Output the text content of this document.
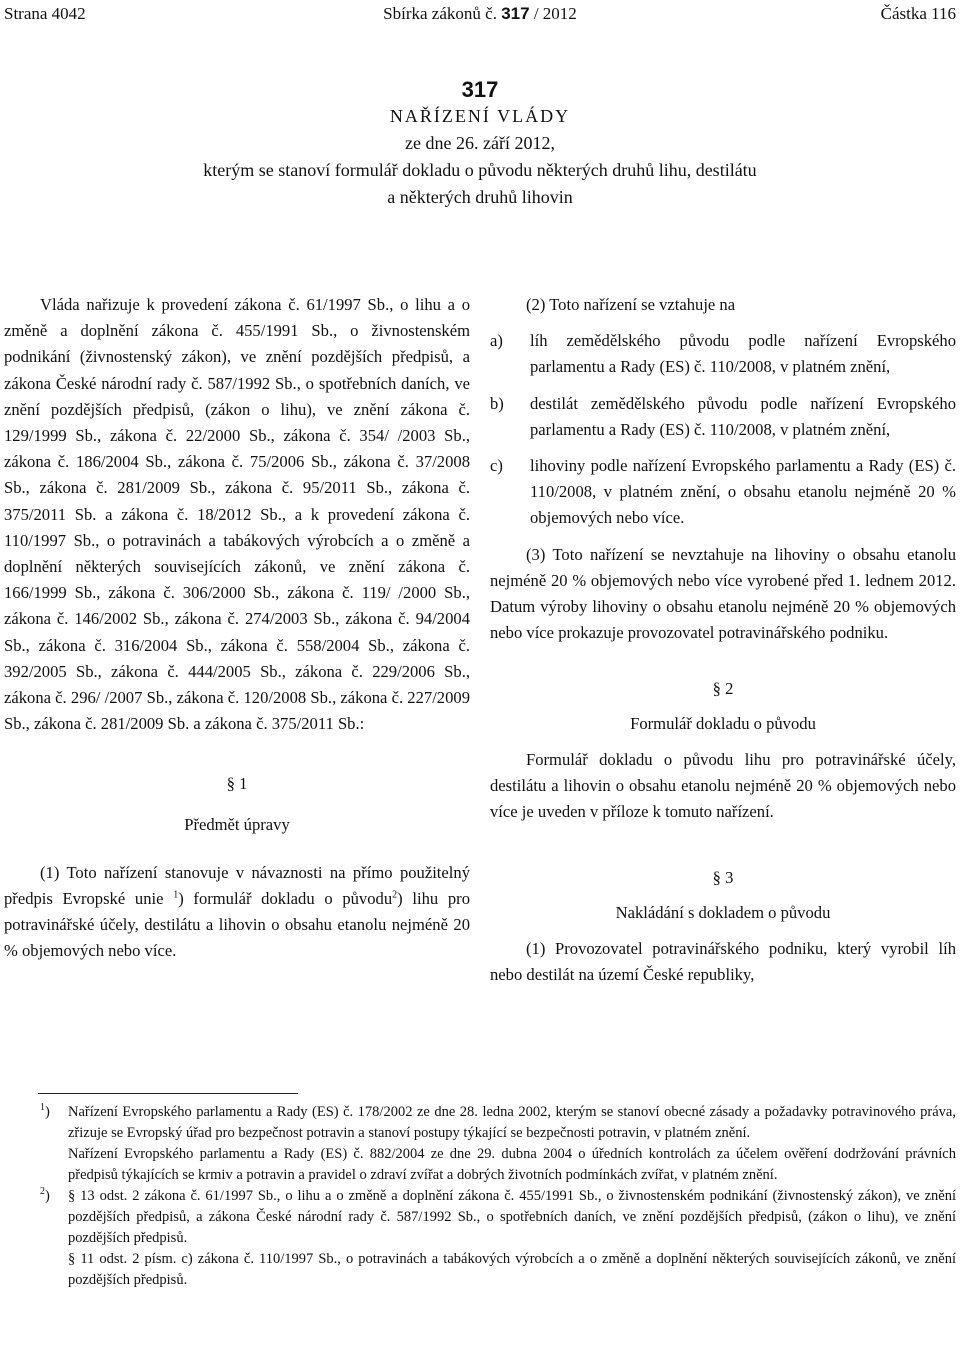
Strana 4042	Sbírka zákonů č. 317 / 2012	Částka 116
317
NAŘÍZENÍ VLÁDY
ze dne 26. září 2012,
kterým se stanoví formulář dokladu o původu některých druhů lihu, destilátu
a některých druhů lihovin

Vláda nařizuje k provedení zákona č. 61/1997 Sb., o lihu a o změně a doplnění zákona č. 455/1991 Sb., o živnostenském podnikání (živnostenský zákon), ve znění pozdějších předpisů, a zákona České národní rady č. 587/1992 Sb., o spotřebních daních, ve znění pozdějších předpisů, (zákon o lihu), ve znění zákona č. 129/1999 Sb., zákona č. 22/2000 Sb., zákona č. 354/ /2003 Sb., zákona č. 186/2004 Sb., zákona č. 75/2006 Sb., zákona č. 37/2008 Sb., zákona č. 281/2009 Sb., zákona č. 95/2011 Sb., zákona č. 375/2011 Sb. a zákona č. 18/2012 Sb., a k provedení zákona č. 110/1997 Sb., o potravinách a tabákových výrobcích a o změně a doplnění některých souvisejících zákonů, ve znění zákona č. 166/1999 Sb., zákona č. 306/2000 Sb., zákona č. 119/ /2000 Sb., zákona č. 146/2002 Sb., zákona č. 274/2003 Sb., zákona č. 94/2004 Sb., zákona č. 316/2004 Sb., zákona č. 558/2004 Sb., zákona č. 392/2005 Sb., zákona č. 444/2005 Sb., zákona č. 229/2006 Sb., zákona č. 296/ /2007 Sb., zákona č. 120/2008 Sb., zákona č. 227/2009 Sb., zákona č. 281/2009 Sb. a zákona č. 375/2011 Sb.:

§ 1
Předmět úpravy

(1) Toto nařízení stanovuje v návaznosti na přímo použitelný předpis Evropské unie $^1$) formulář dokladu o původu$^2$) lihu pro potravinářské účely, destilátu a lihovin o obsahu etanolu nejméně 20 % objemových nebo více.

(2) Toto nařízení se vztahuje na

a) líh zemědělského původu podle nařízení Evropského parlamentu a Rady (ES) č. 110/2008, v platném znění,
b) destilát zemědělského původu podle nařízení Evropského parlamentu a Rady (ES) č. 110/2008, v platném znění,
c) lihoviny podle nařízení Evropského parlamentu a Rady (ES) č. 110/2008, v platném znění, o obsahu etanolu nejméně 20 % objemových nebo více.

(3) Toto nařízení se nevztahuje na lihoviny o obsahu etanolu nejméně 20 % objemových nebo více vyrobené před 1. lednem 2012. Datum výroby lihoviny o obsahu etanolu nejméně 20 % objemových nebo více prokazuje provozovatel potravinářského podniku.

§ 2
Formulář dokladu o původu

Formulář dokladu o původu lihu pro potravinářské účely, destilátu a lihovin o obsahu etanolu nejméně 20 % objemových nebo více je uveden v příloze k tomuto nařízení.

§ 3
Nakládání s dokladem o původu

(1) Provozovatel potravinářského podniku, který vyrobil líh nebo destilát na území České republiky,

$^1$) Nařízení Evropského parlamentu a Rady (ES) č. 178/2002 ze dne 28. ledna 2002, kterým se stanoví obecné zásady a požadavky potravinového práva, zřizuje se Evropský úřad pro bezpečnost potravin a stanoví postupy týkající se bezpečnosti potravin, v platném znění.

Nařízení Evropského parlamentu a Rady (ES) č. 882/2004 ze dne 29. dubna 2004 o úředních kontrolách za účelem ověření dodržování právních předpisů týkajících se krmiv a potravin a pravidel o zdraví zvířat a dobrých životních podmínkách zvířat, v platném znění.

$^2$) § 13 odst. 2 zákona č. 61/1997 Sb., o lihu a o změně a doplnění zákona č. 455/1991 Sb., o živnostenském podnikání (živnostenský zákon), ve znění pozdějších předpisů, a zákona České národní rady č. 587/1992 Sb., o spotřebních daních, ve znění pozdějších předpisů, (zákon o lihu), ve znění pozdějších předpisů.

§ 11 odst. 2 písm. c) zákona č. 110/1997 Sb., o potravinách a tabákových výrobcích a o změně a doplnění některých souvisejících zákonů, ve znění pozdějších předpisů.
